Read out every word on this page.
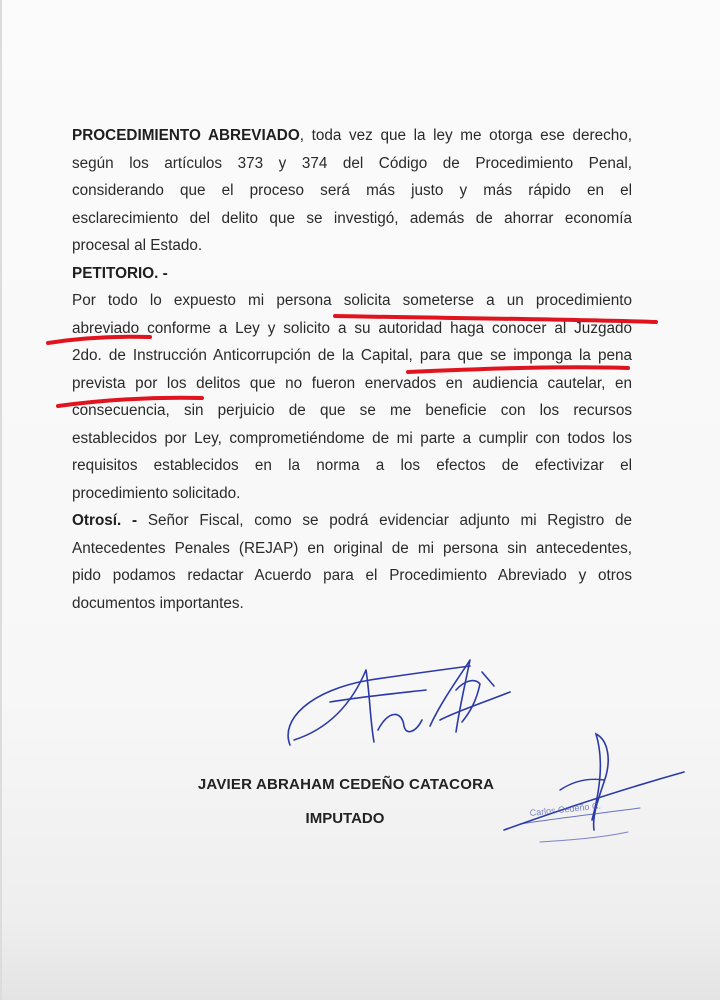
PROCEDIMIENTO ABREVIADO, toda vez que la ley me otorga ese derecho,
según los artículos 373 y 374 del Código de Procedimiento Penal,
considerando que el proceso será más justo y más rápido en el
esclarecimiento del delito que se investigó, además de ahorrar economía
procesal al Estado.
PETITORIO. -
Por todo lo expuesto mi persona solicita someterse a un procedimiento
abreviado conforme a Ley y solicito a su autoridad haga conocer al Juzgado
2do. de Instrucción Anticorrupción de la Capital, para que se imponga la pena
prevista por los delitos que no fueron enervados en audiencia cautelar, en
consecuencia, sin perjuicio de que se me beneficie con los recursos
establecidos por Ley, comprometiéndome de mi parte a cumplir con todos los
requisitos establecidos en la norma a los efectos de efectivizar el
procedimiento solicitado.
Otrosí. - Señor Fiscal, como se podrá evidenciar adjunto mi Registro de
Antecedentes Penales (REJAP) en original de mi persona sin antecedentes,
pido podamos redactar Acuerdo para el Procedimiento Abreviado y otros
documentos importantes.
JAVIER ABRAHAM CEDEÑO CATACORA
IMPUTADO
Carlos Cedeño C.
